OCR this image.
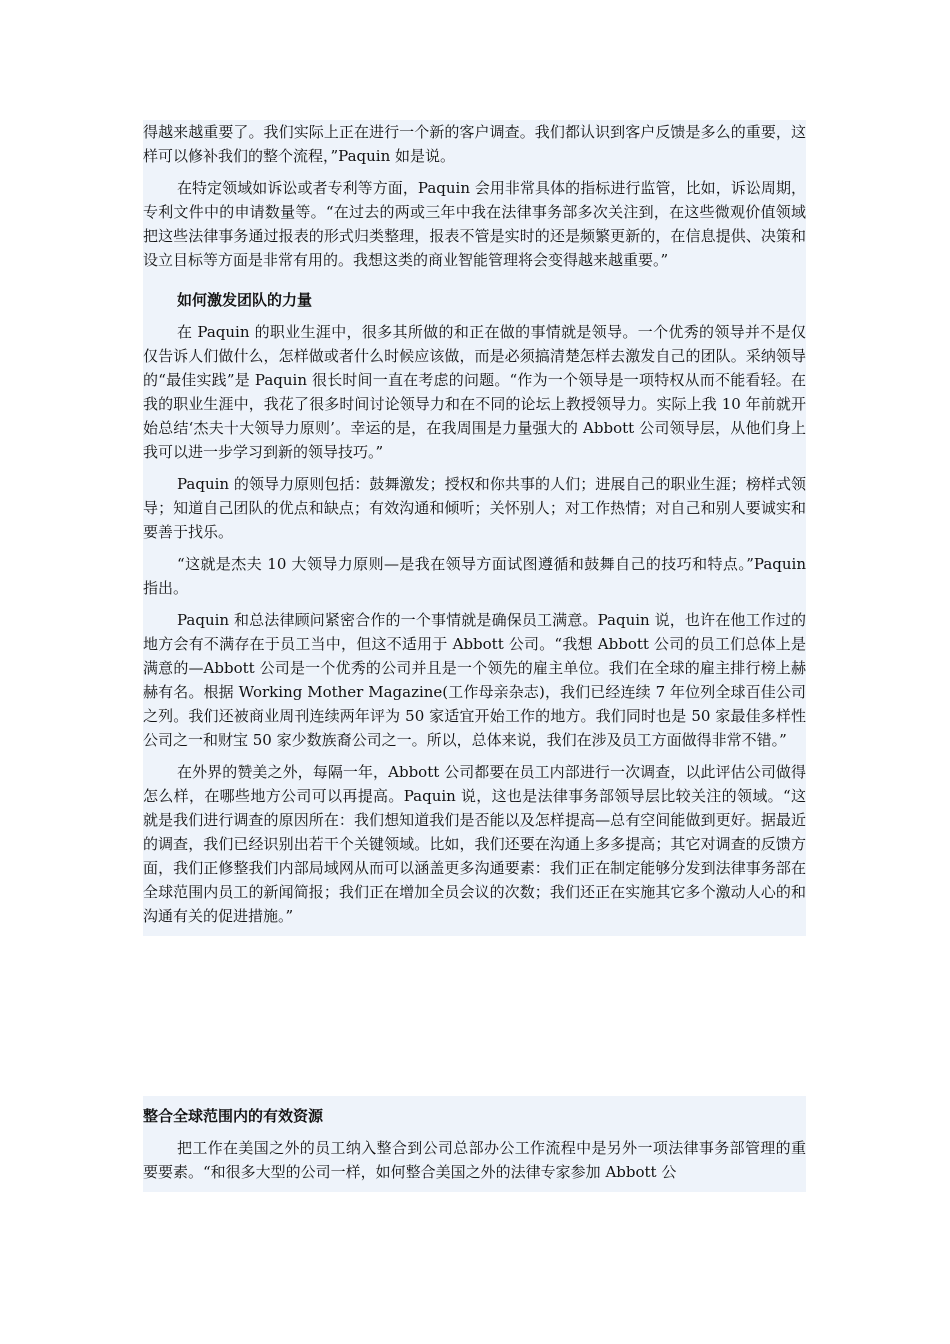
得越来越重要了。我们实际上正在进行一个新的客户调查。我们都认识到客户反馈是多么的重要，这样可以修补我们的整个流程，”Paquin 如是说。

在特定领域如诉讼或者专利等方面，Paquin 会用非常具体的指标进行监管，比如，诉讼周期，专利文件中的申请数量等。“在过去的两或三年中我在法律事务部多次关注到，在这些微观价值领域把这些法律事务通过报表的形式归类整理，报表不管是实时的还是频繁更新的，在信息提供、决策和设立目标等方面是非常有用的。我想这类的商业智能管理将会变得越来越重要。”

如何激发团队的力量

在 Paquin 的职业生涯中，很多其所做的和正在做的事情就是领导。一个优秀的领导并不是仅仅告诉人们做什么，怎样做或者什么时候应该做，而是必须搞清楚怎样去激发自己的团队。采纳领导的“最佳实践”是 Paquin 很长时间一直在考虑的问题。“作为一个领导是一项特权从而不能看轻。在我的职业生涯中，我花了很多时间讨论领导力和在不同的论坛上教授领导力。实际上我 10 年前就开始总结‘杰夫十大领导力原则’。幸运的是，在我周围是力量强大的 Abbott 公司领导层，从他们身上我可以进一步学习到新的领导技巧。”

Paquin 的领导力原则包括：鼓舞激发；授权和你共事的人们；进展自己的职业生涯；榜样式领导；知道自己团队的优点和缺点；有效沟通和倾听；关怀别人；对工作热情；对自己和别人要诚实和要善于找乐。

“这就是杰夫 10 大领导力原则—是我在领导方面试图遵循和鼓舞自己的技巧和特点。”Paquin 指出。

Paquin 和总法律顾问紧密合作的一个事情就是确保员工满意。Paquin 说，也许在他工作过的地方会有不满存在于员工当中，但这不适用于 Abbott 公司。“我想 Abbott 公司的员工们总体上是满意的—Abbott 公司是一个优秀的公司并且是一个领先的雇主单位。我们在全球的雇主排行榜上赫赫有名。根据 Working Mother Magazine(工作母亲杂志)，我们已经连续 7 年位列全球百佳公司之列。我们还被商业周刊连续两年评为 50 家适宜开始工作的地方。我们同时也是 50 家最佳多样性公司之一和财宝 50 家少数族裔公司之一。所以，总体来说，我们在涉及员工方面做得非常不错。”

在外界的赞美之外，每隔一年，Abbott 公司都要在员工内部进行一次调查，以此评估公司做得怎么样，在哪些地方公司可以再提高。Paquin 说，这也是法律事务部领导层比较关注的领域。“这就是我们进行调查的原因所在：我们想知道我们是否能以及怎样提高—总有空间能做到更好。据最近的调查，我们已经识别出若干个关键领域。比如，我们还要在沟通上多多提高；其它对调查的反馈方面，我们正修整我们内部局域网从而可以涵盖更多沟通要素：我们正在制定能够分发到法律事务部在全球范围内员工的新闻简报；我们正在增加全员会议的次数；我们还正在实施其它多个激动人心的和沟通有关的促进措施。”

整合全球范围内的有效资源

把工作在美国之外的员工纳入整合到公司总部办公工作流程中是另外一项法律事务部管理的重要要素。“和很多大型的公司一样，如何整合美国之外的法律专家参加 Abbott 公
